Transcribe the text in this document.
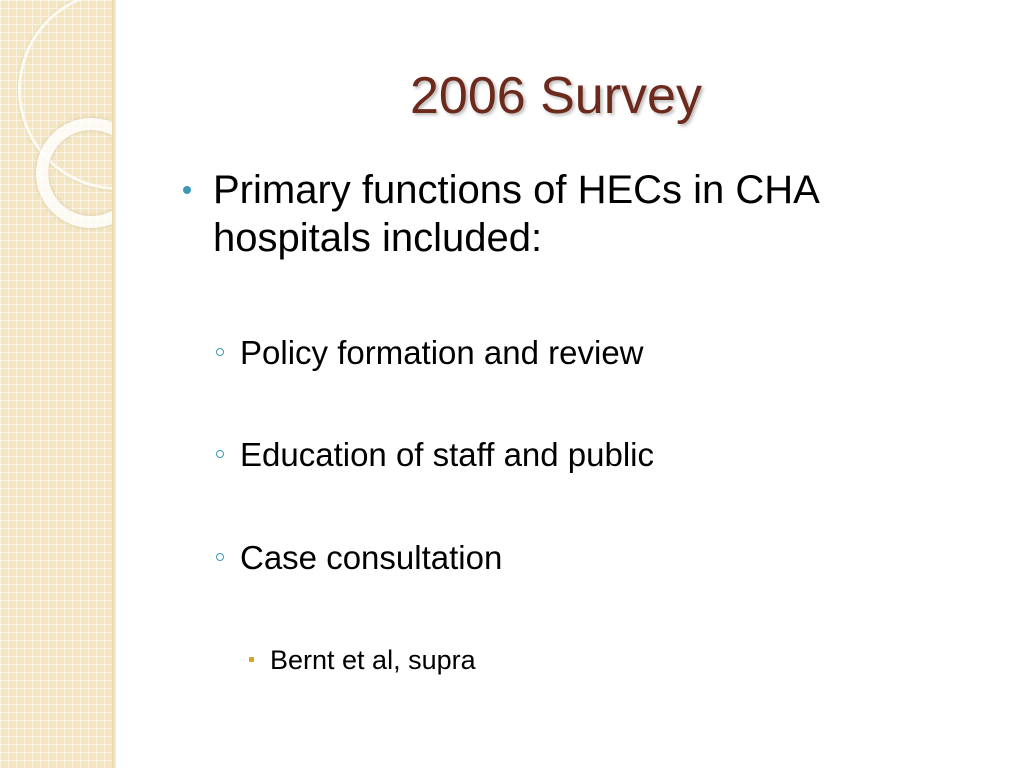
2006 Survey
Primary functions of HECs in CHA hospitals included:
Policy formation and review
Education of staff and public
Case consultation
Bernt et al, supra
